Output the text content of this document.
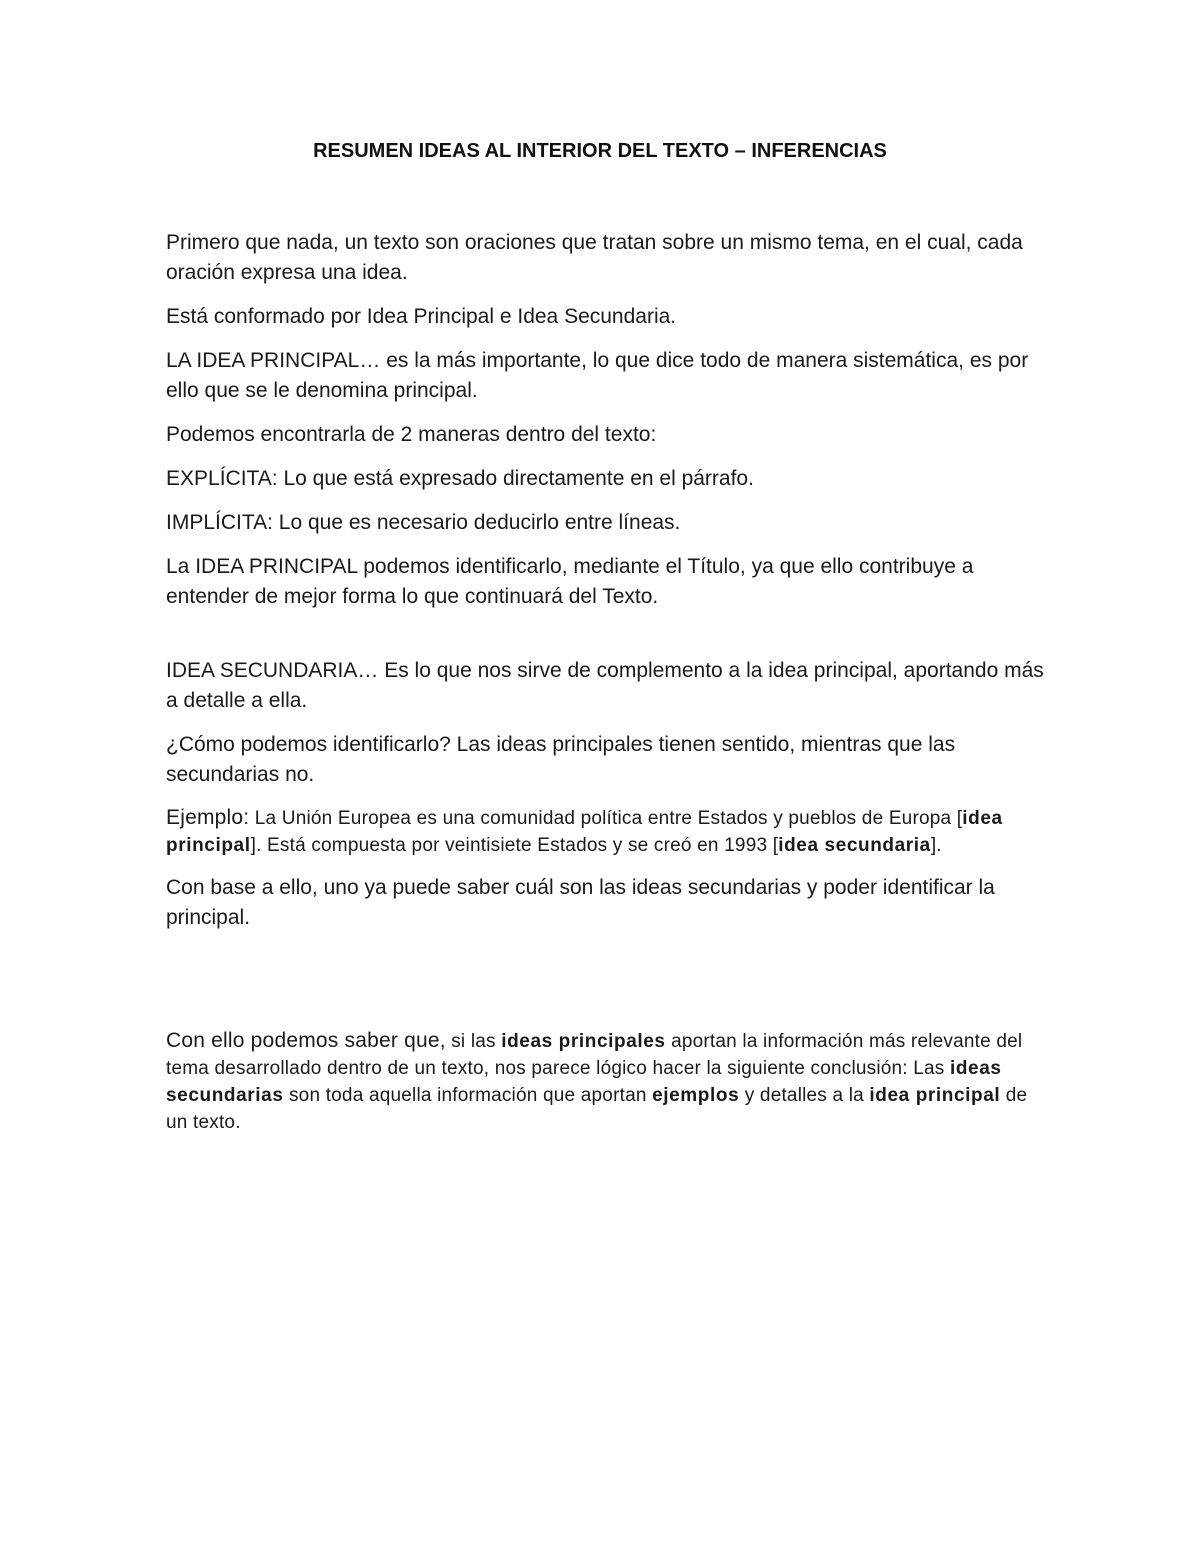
RESUMEN IDEAS AL INTERIOR DEL TEXTO – INFERENCIAS

Primero que nada, un texto son oraciones que tratan sobre un mismo tema, en el cual, cada oración expresa una idea.

Está conformado por Idea Principal e Idea Secundaria.

LA IDEA PRINCIPAL… es la más importante, lo que dice todo de manera sistemática, es por ello que se le denomina principal.

Podemos encontrarla de 2 maneras dentro del texto:

EXPLÍCITA: Lo que está expresado directamente en el párrafo.

IMPLÍCITA: Lo que es necesario deducirlo entre líneas.

La IDEA PRINCIPAL podemos identificarlo, mediante el Título, ya que ello contribuye a entender de mejor forma lo que continuará del Texto.

IDEA SECUNDARIA… Es lo que nos sirve de complemento a la idea principal, aportando más a detalle a ella.

¿Cómo podemos identificarlo? Las ideas principales tienen sentido, mientras que las secundarias no.

Ejemplo: La Unión Europea es una comunidad política entre Estados y pueblos de Europa [idea principal]. Está compuesta por veintisiete Estados y se creó en 1993 [idea secundaria].

Con base a ello, uno ya puede saber cuál son las ideas secundarias y poder identificar la principal.

Con ello podemos saber que, si las ideas principales aportan la información más relevante del tema desarrollado dentro de un texto, nos parece lógico hacer la siguiente conclusión: Las ideas secundarias son toda aquella información que aportan ejemplos y detalles a la idea principal de un texto.
